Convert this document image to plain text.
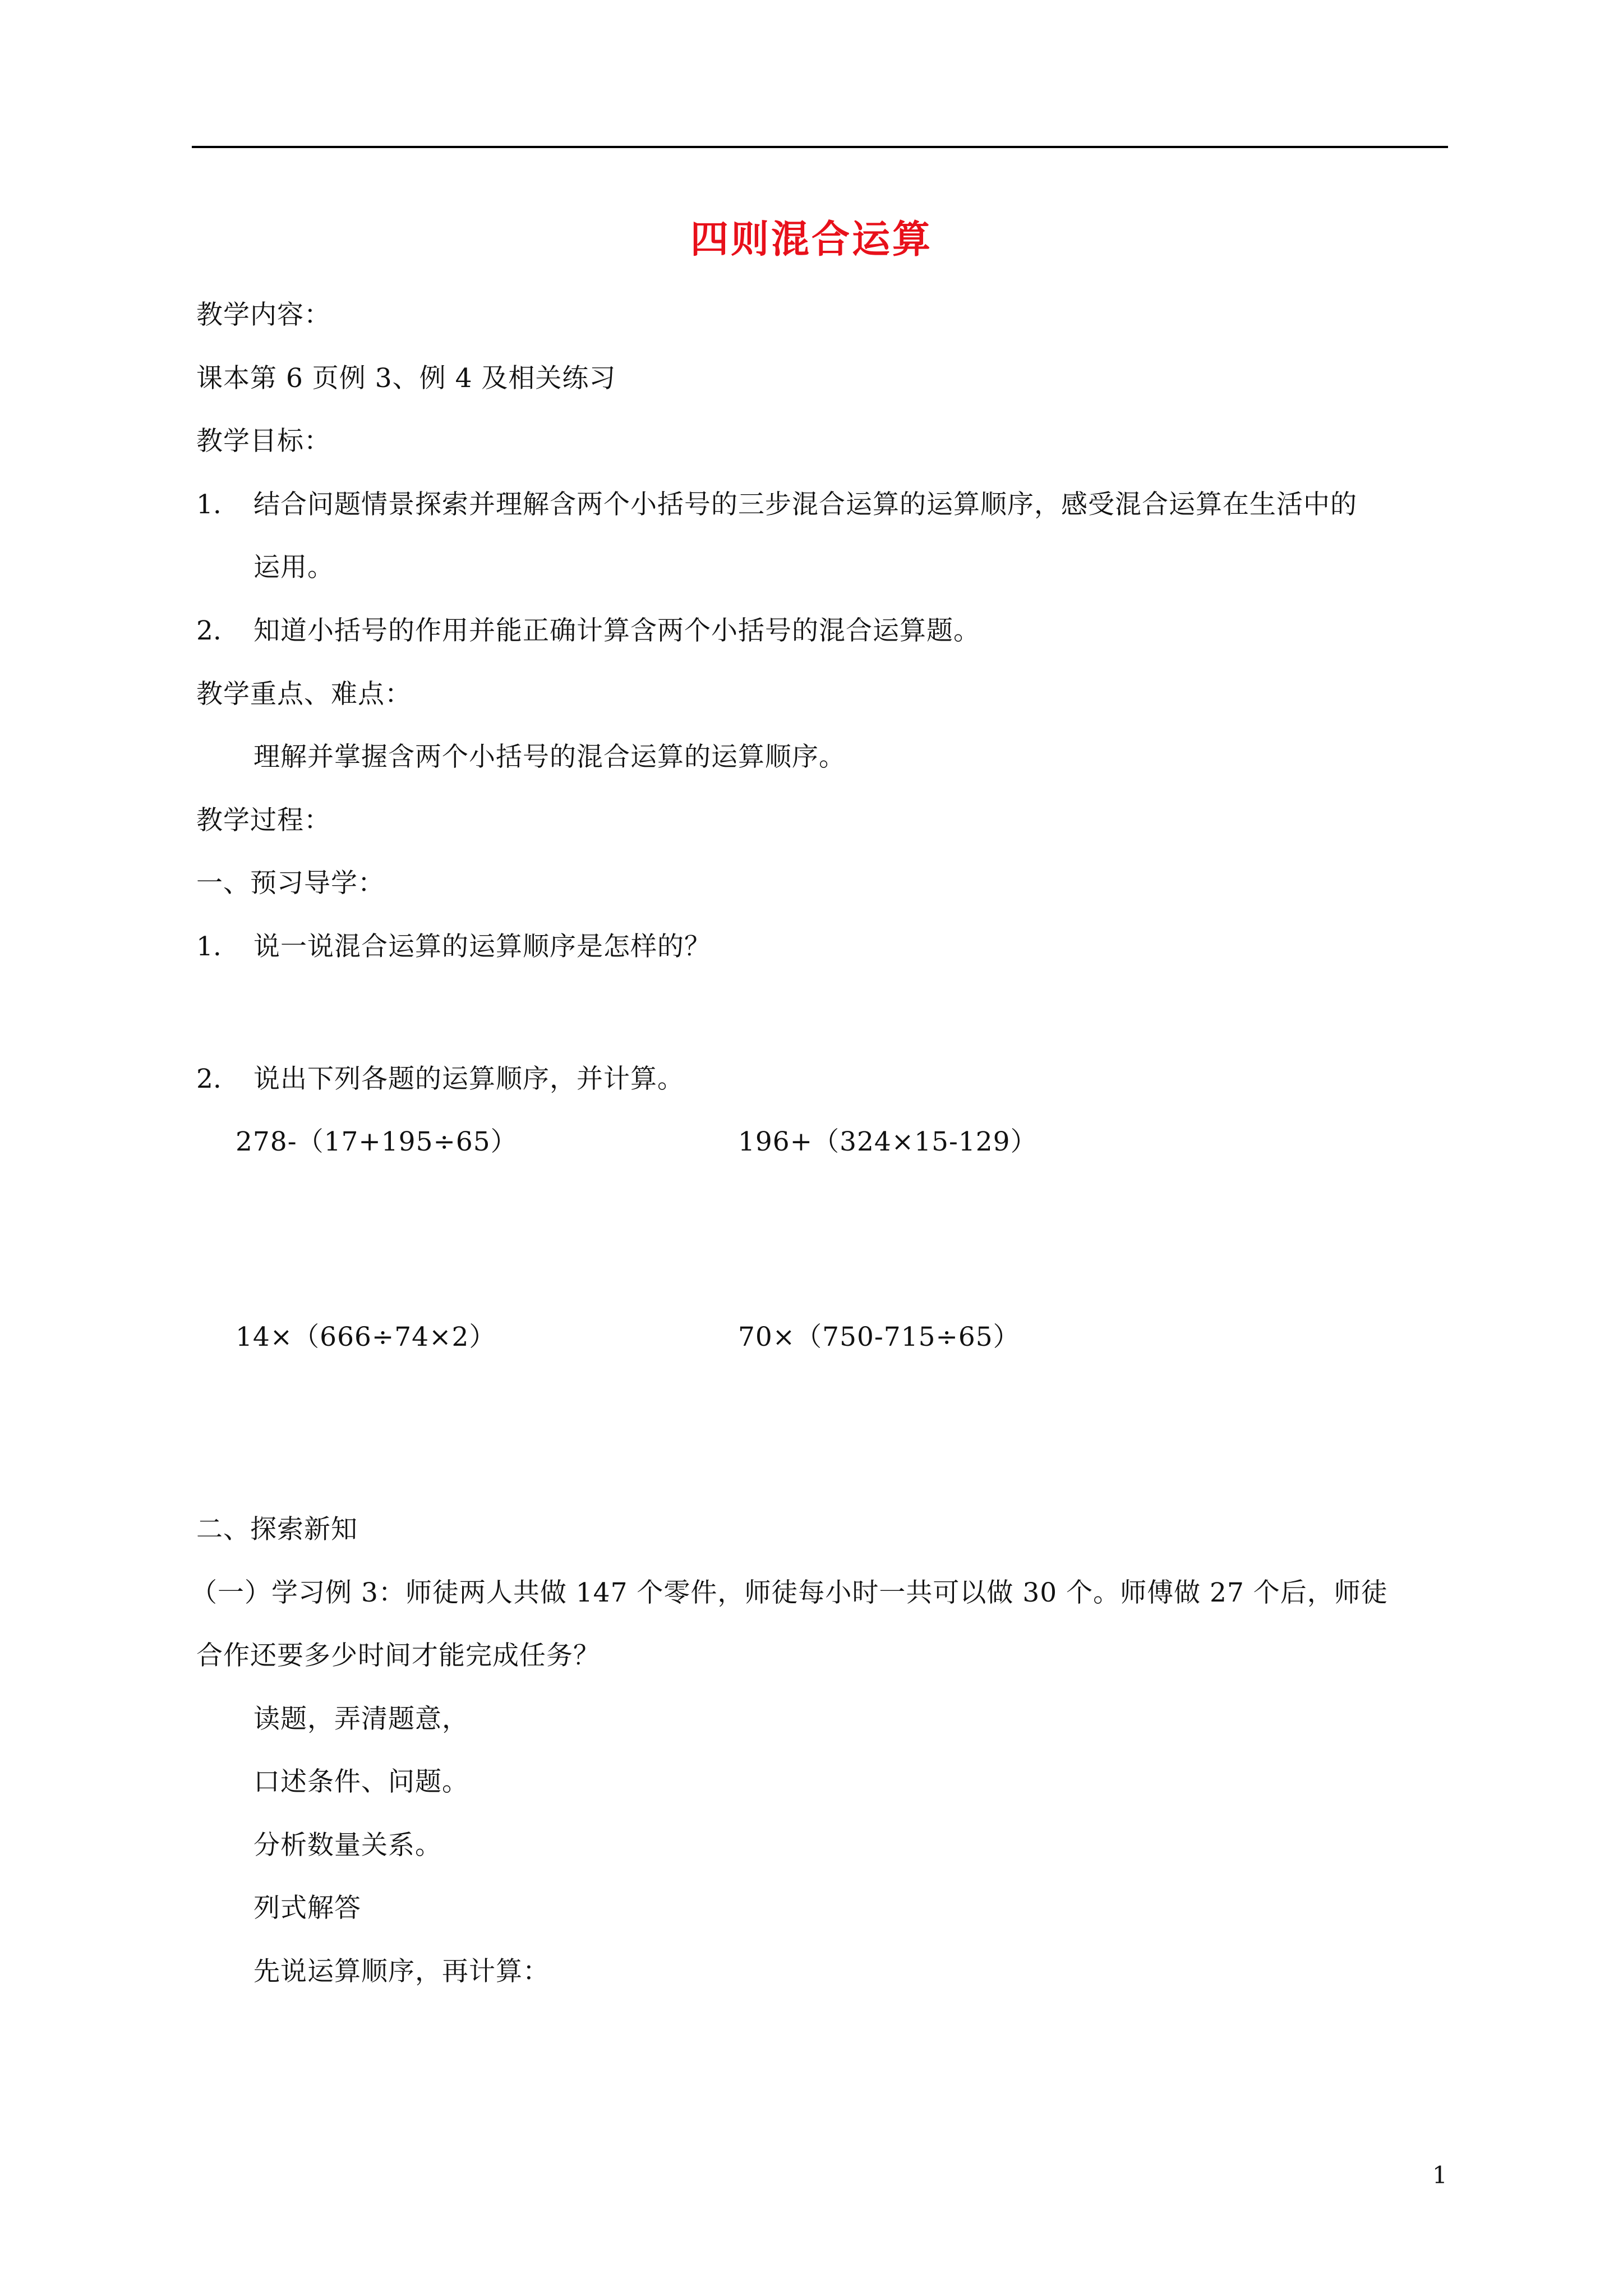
四则混合运算
教学内容：
课本第 6 页例 3、例 4 及相关练习
教学目标：
1. 结合问题情景探索并理解含两个小括号的三步混合运算的运算顺序，感受混合运算在生活中的
运用。
2. 知道小括号的作用并能正确计算含两个小括号的混合运算题。
教学重点、难点：
理解并掌握含两个小括号的混合运算的运算顺序。
教学过程：
一、预习导学：
1. 说一说混合运算的运算顺序是怎样的？
2. 说出下列各题的运算顺序，并计算。
278-（17+195÷65）	196+（324×15-129）
14×（666÷74×2）	70×（750-715÷65）
二、探索新知
（一）学习例 3：师徒两人共做 147 个零件，师徒每小时一共可以做 30 个。师傅做 27 个后，师徒
合作还要多少时间才能完成任务？
读题，弄清题意，
口述条件、问题。
分析数量关系。
列式解答
先说运算顺序，再计算：
1
